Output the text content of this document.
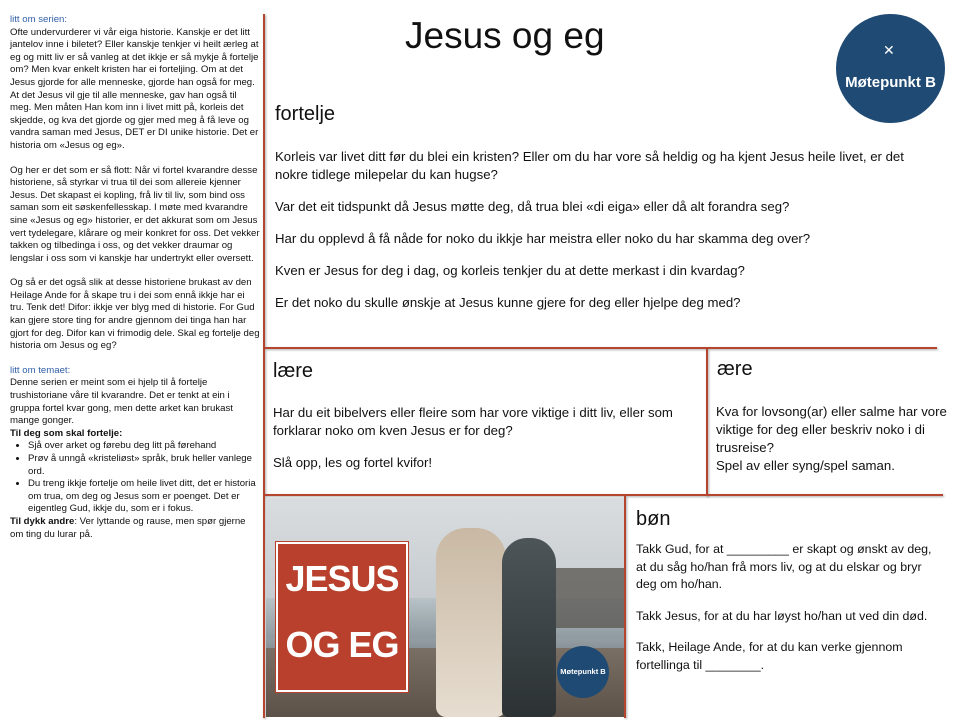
litt om serien:

Ofte undervurderer vi vår eiga historie. Kanskje er det litt jantelov inne i biletet? Eller kanskje tenkjer vi heilt ærleg at eg og mitt liv er så vanleg at det ikkje er så mykje å fortelje om? Men kvar enkelt kristen har ei forteljing. Om at det Jesus gjorde for alle menneske, gjorde han også for meg. At det Jesus vil gje til alle menneske, gav han også til meg. Men måten Han kom inn i livet mitt på, korleis det skjedde, og kva det gjorde og gjer med meg å få leve og vandra saman med Jesus, DET er DI unike historie. Det er historia om «Jesus og eg».

Og her er det som er så flott: Når vi fortel kvarandre desse historiene, så styrkar vi trua til dei som allereie kjenner Jesus. Det skapast ei kopling, frå liv til liv, som bind oss saman som eit søskenfellesskap. I møte med kvarandre sine «Jesus og eg» historier, er det akkurat som om Jesus vert tydelegare, klårare og meir konkret for oss. Det vekker takken og tilbedinga i oss, og det vekker draumar og lengslar i oss som vi kanskje har undertrykt eller oversett.

Og så er det også slik at desse historiene brukast av den Heilage Ande for å skape tru i dei som ennå ikkje har ei tru. Tenk det! Difor: ikkje ver blyg med di historie. For Gud kan gjere store ting for andre gjennom dei tinga han har gjort for deg. Difor kan vi frimodig dele. Skal eg fortelje deg historia om Jesus og eg?

litt om temaet:
Denne serien er meint som ei hjelp til å fortelje trushistoriane våre til kvarandre. Det er tenkt at ein i gruppa fortel kvar gong, men dette arket kan brukast mange gonger.
Til deg som skal fortelje:
• Sjå over arket og førebu deg litt på førehand
• Prøv å unngå «kristeliøst» språk, bruk heller vanlege ord.
• Du treng ikkje fortelje om heile livet ditt, det er historia om trua, om deg og Jesus som er poenget. Det er eigentleg Gud, ikkje du, som er i fokus.
Til dykk andre: Ver lyttande og rause, men spør gjerne om ting du lurar på.
Jesus og eg	✕
Møtepunkt B
fortelje

Korleis var livet ditt før du blei ein kristen? Eller om du har vore så heldig og ha kjent Jesus heile livet, er det nokre tidlege milepelar du kan hugse?

Var det eit tidspunkt då Jesus møtte deg, då trua blei «di eiga» eller då alt forandra seg?

Har du opplevd å få nåde for noko du ikkje har meistra eller noko du har skamma deg over?

Kven er Jesus for deg i dag, og korleis tenkjer du at dette merkast i din kvardag?

Er det noko du skulle ønskje at Jesus kunne gjere for deg eller hjelpe deg med?

lære

Har du eit bibelvers eller fleire som har vore viktige i ditt liv, eller som forklarar noko om kven Jesus er for deg?

Slå opp, les og fortel kvifor!

ære
Kva for lovsong(ar) eller salme har vore viktige for deg eller beskriv noko i di trusreise?
Spel av eller syng/spel saman.
bøn

Takk Gud, for at _________ er skapt og ønskt av deg, at du såg ho/han frå mors liv, og at du elskar og bryr deg om ho/han.

Takk Jesus, for at du har løyst ho/han ut ved din død.

Takk, Heilage Ande, for at du kan verke gjennom fortellinga til ________.

JESUS
OG EG
Møtepunkt B
